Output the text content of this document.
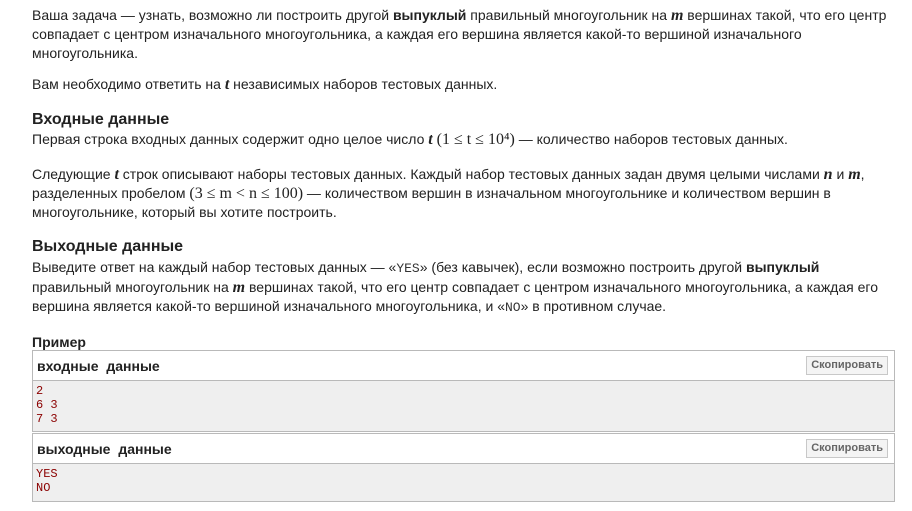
Ваша задача — узнать, возможно ли построить другой выпуклый правильный многоугольник на m вершинах такой, что его центр совпадает с центром изначального многоугольника, а каждая его вершина является какой-то вершиной изначального многоугольника.

Вам необходимо ответить на t независимых наборов тестовых данных.

Входные данные

Первая строка входных данных содержит одно целое число t (1 ≤ t ≤ 10⁴) — количество наборов тестовых данных.

Следующие t строк описывают наборы тестовых данных. Каждый набор тестовых данных задан двумя целыми числами n и m, разделенных пробелом (3 ≤ m < n ≤ 100) — количеством вершин в изначальном многоугольнике и количеством вершин в многоугольнике, который вы хотите построить.

Выходные данные

Выведите ответ на каждый набор тестовых данных — «YES» (без кавычек), если возможно построить другой выпуклый правильный многоугольник на m вершинах такой, что его центр совпадает с центром изначального многоугольника, а каждая его вершина является какой-то вершиной изначального многоугольника, и «NO» в противном случае.

Пример
входные данные	Скопировать
2
6 3
7 3
выходные данные	Скопировать
YES
NO
